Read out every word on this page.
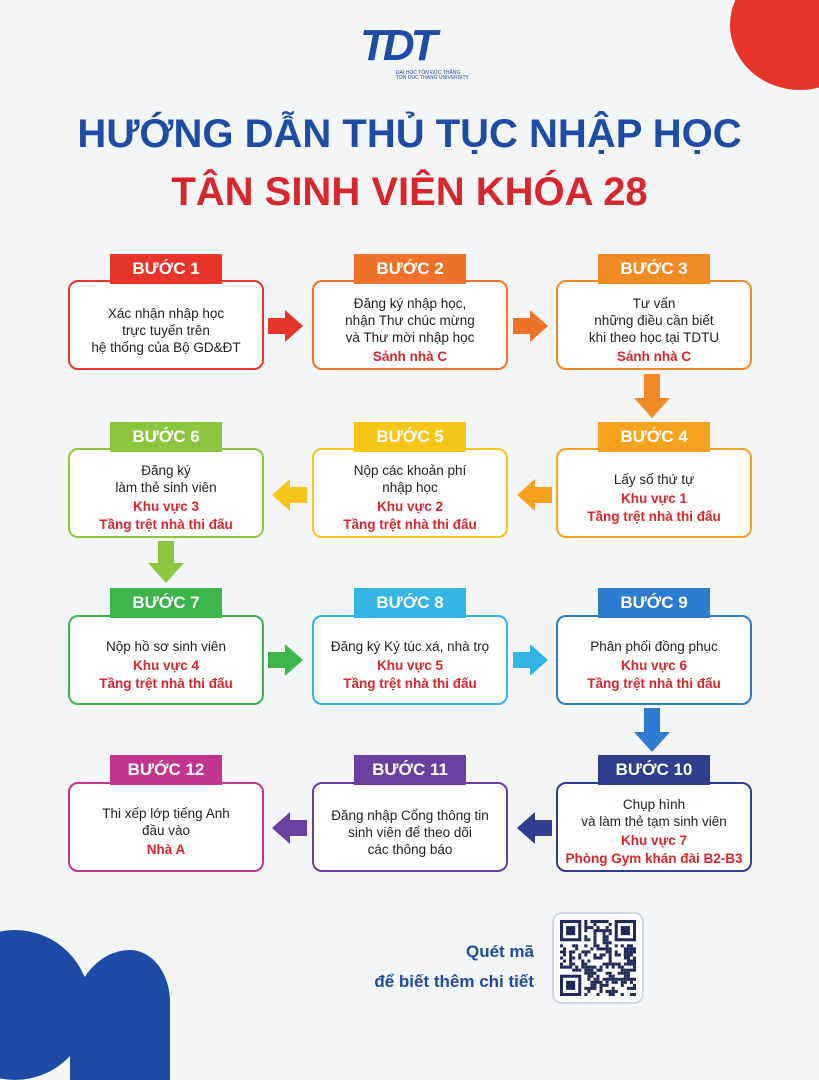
TDT
ĐẠI HỌC TÔN ĐỨC THẮNG
TON DUC THANG UNIVERSITY
HƯỚNG DẪN THỦ TỤC NHẬP HỌC
TÂN SINH VIÊN KHÓA 28
Xác nhận nhập học
trực tuyến trên
hệ thống của Bộ GD&ĐT
BƯỚC 1
Đăng ký nhập học,
nhận Thư chúc mừng
và Thư mời nhập học
Sảnh nhà C
BƯỚC 2
Tư vấn
những điều cần biết
khi theo học tại TDTU
Sảnh nhà C
BƯỚC 3
Lấy số thứ tự
Khu vực 1
Tầng trệt nhà thi đấu
BƯỚC 4
Nộp các khoản phí
nhập học
Khu vực 2
Tầng trệt nhà thi đấu
BƯỚC 5
Đăng ký
làm thẻ sinh viên
Khu vực 3
Tầng trệt nhà thi đấu
BƯỚC 6
Nộp hồ sơ sinh viên
Khu vực 4
Tầng trệt nhà thi đấu
BƯỚC 7
Đăng ký Ký túc xá, nhà trọ
Khu vực 5
Tầng trệt nhà thi đấu
BƯỚC 8
Phân phối đồng phục
Khu vực 6
Tầng trệt nhà thi đấu
BƯỚC 9
Chụp hình
và làm thẻ tạm sinh viên
Khu vực 7
Phòng Gym khán đài B2-B3
BƯỚC 10
Đăng nhập Cổng thông tin
sinh viên để theo dõi
các thông báo
BƯỚC 11
Thi xếp lớp tiếng Anh
đầu vào
Nhà A
BƯỚC 12
Quét mã
để biết thêm chi tiết
